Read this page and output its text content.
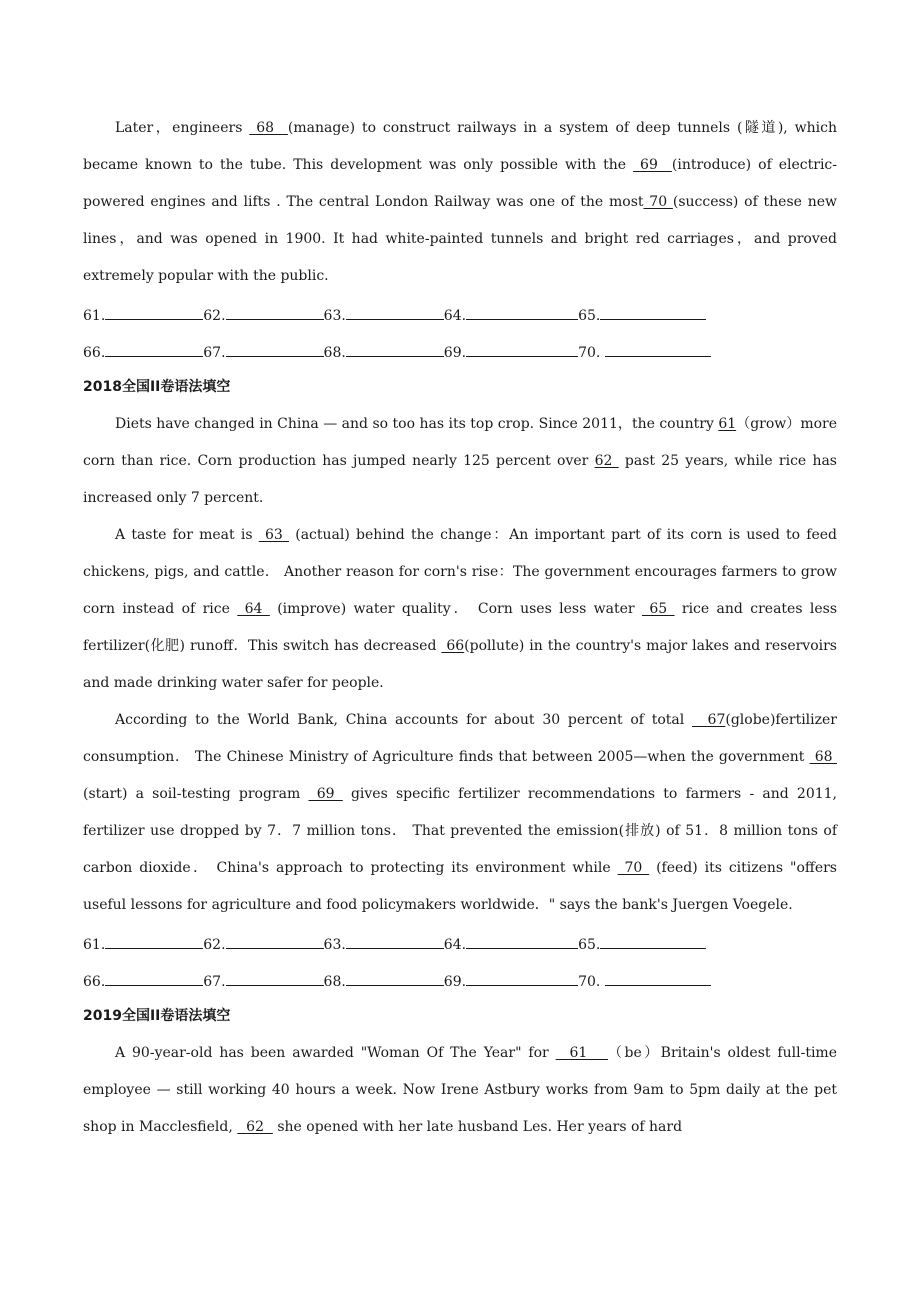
Later，engineers  68  (manage) to construct railways in a system of deep tunnels (隧道), which became known to the tube. This development was only possible with the  69  (introduce) of electric-powered engines and lifts . The central London Railway was one of the most 70 (success) of these new lines，and was opened in 1900. It had white-painted tunnels and bright red carriages，and proved extremely popular with the public.

61.	62.	63.	64.	65.
66.	67.	68.	69.	70.
2018全国II卷语法填空

Diets have changed in China — and so too has its top crop. Since 2011，the country 61（grow）more corn than rice. Corn production has jumped nearly 125 percent over 62  past 25 years, while rice has increased only 7 percent.

A taste for meat is  63  (actual) behind the change：An important part of its corn is used to feed chickens, pigs, and cattle． Another reason for corn's rise：The government encourages farmers to grow corn instead of rice  64  (improve) water quality． Corn uses less water  65  rice and creates less fertilizer(化肥) runoff．This switch has decreased  66(pollute) in the country's major lakes and reservoirs and made drinking water safer for people.

According to the World Bank, China accounts for about 30 percent of total   67(globe)fertilizer consumption． The Chinese Ministry of Agriculture finds that between 2005—when the government  68  (start) a soil-testing program  69  gives specific fertilizer recommendations to farmers - and 2011, fertilizer use dropped by 7．7 million tons． That prevented the emission(排放) of 51．8 million tons of carbon dioxide． China's approach to protecting its environment while  70  (feed) its citizens "offers useful lessons for agriculture and food policymakers worldwide．" says the bank's Juergen Voegele.

61.	62.	63.	64.	65.
66.	67.	68.	69.	70.
2019全国II卷语法填空

A 90-year-old has been awarded "Woman Of The Year" for   61   （be）Britain's oldest full-time employee — still working 40 hours a week. Now Irene Astbury works from 9am to 5pm daily at the pet shop in Macclesfield,   62   she opened with her late husband Les. Her years of hard
